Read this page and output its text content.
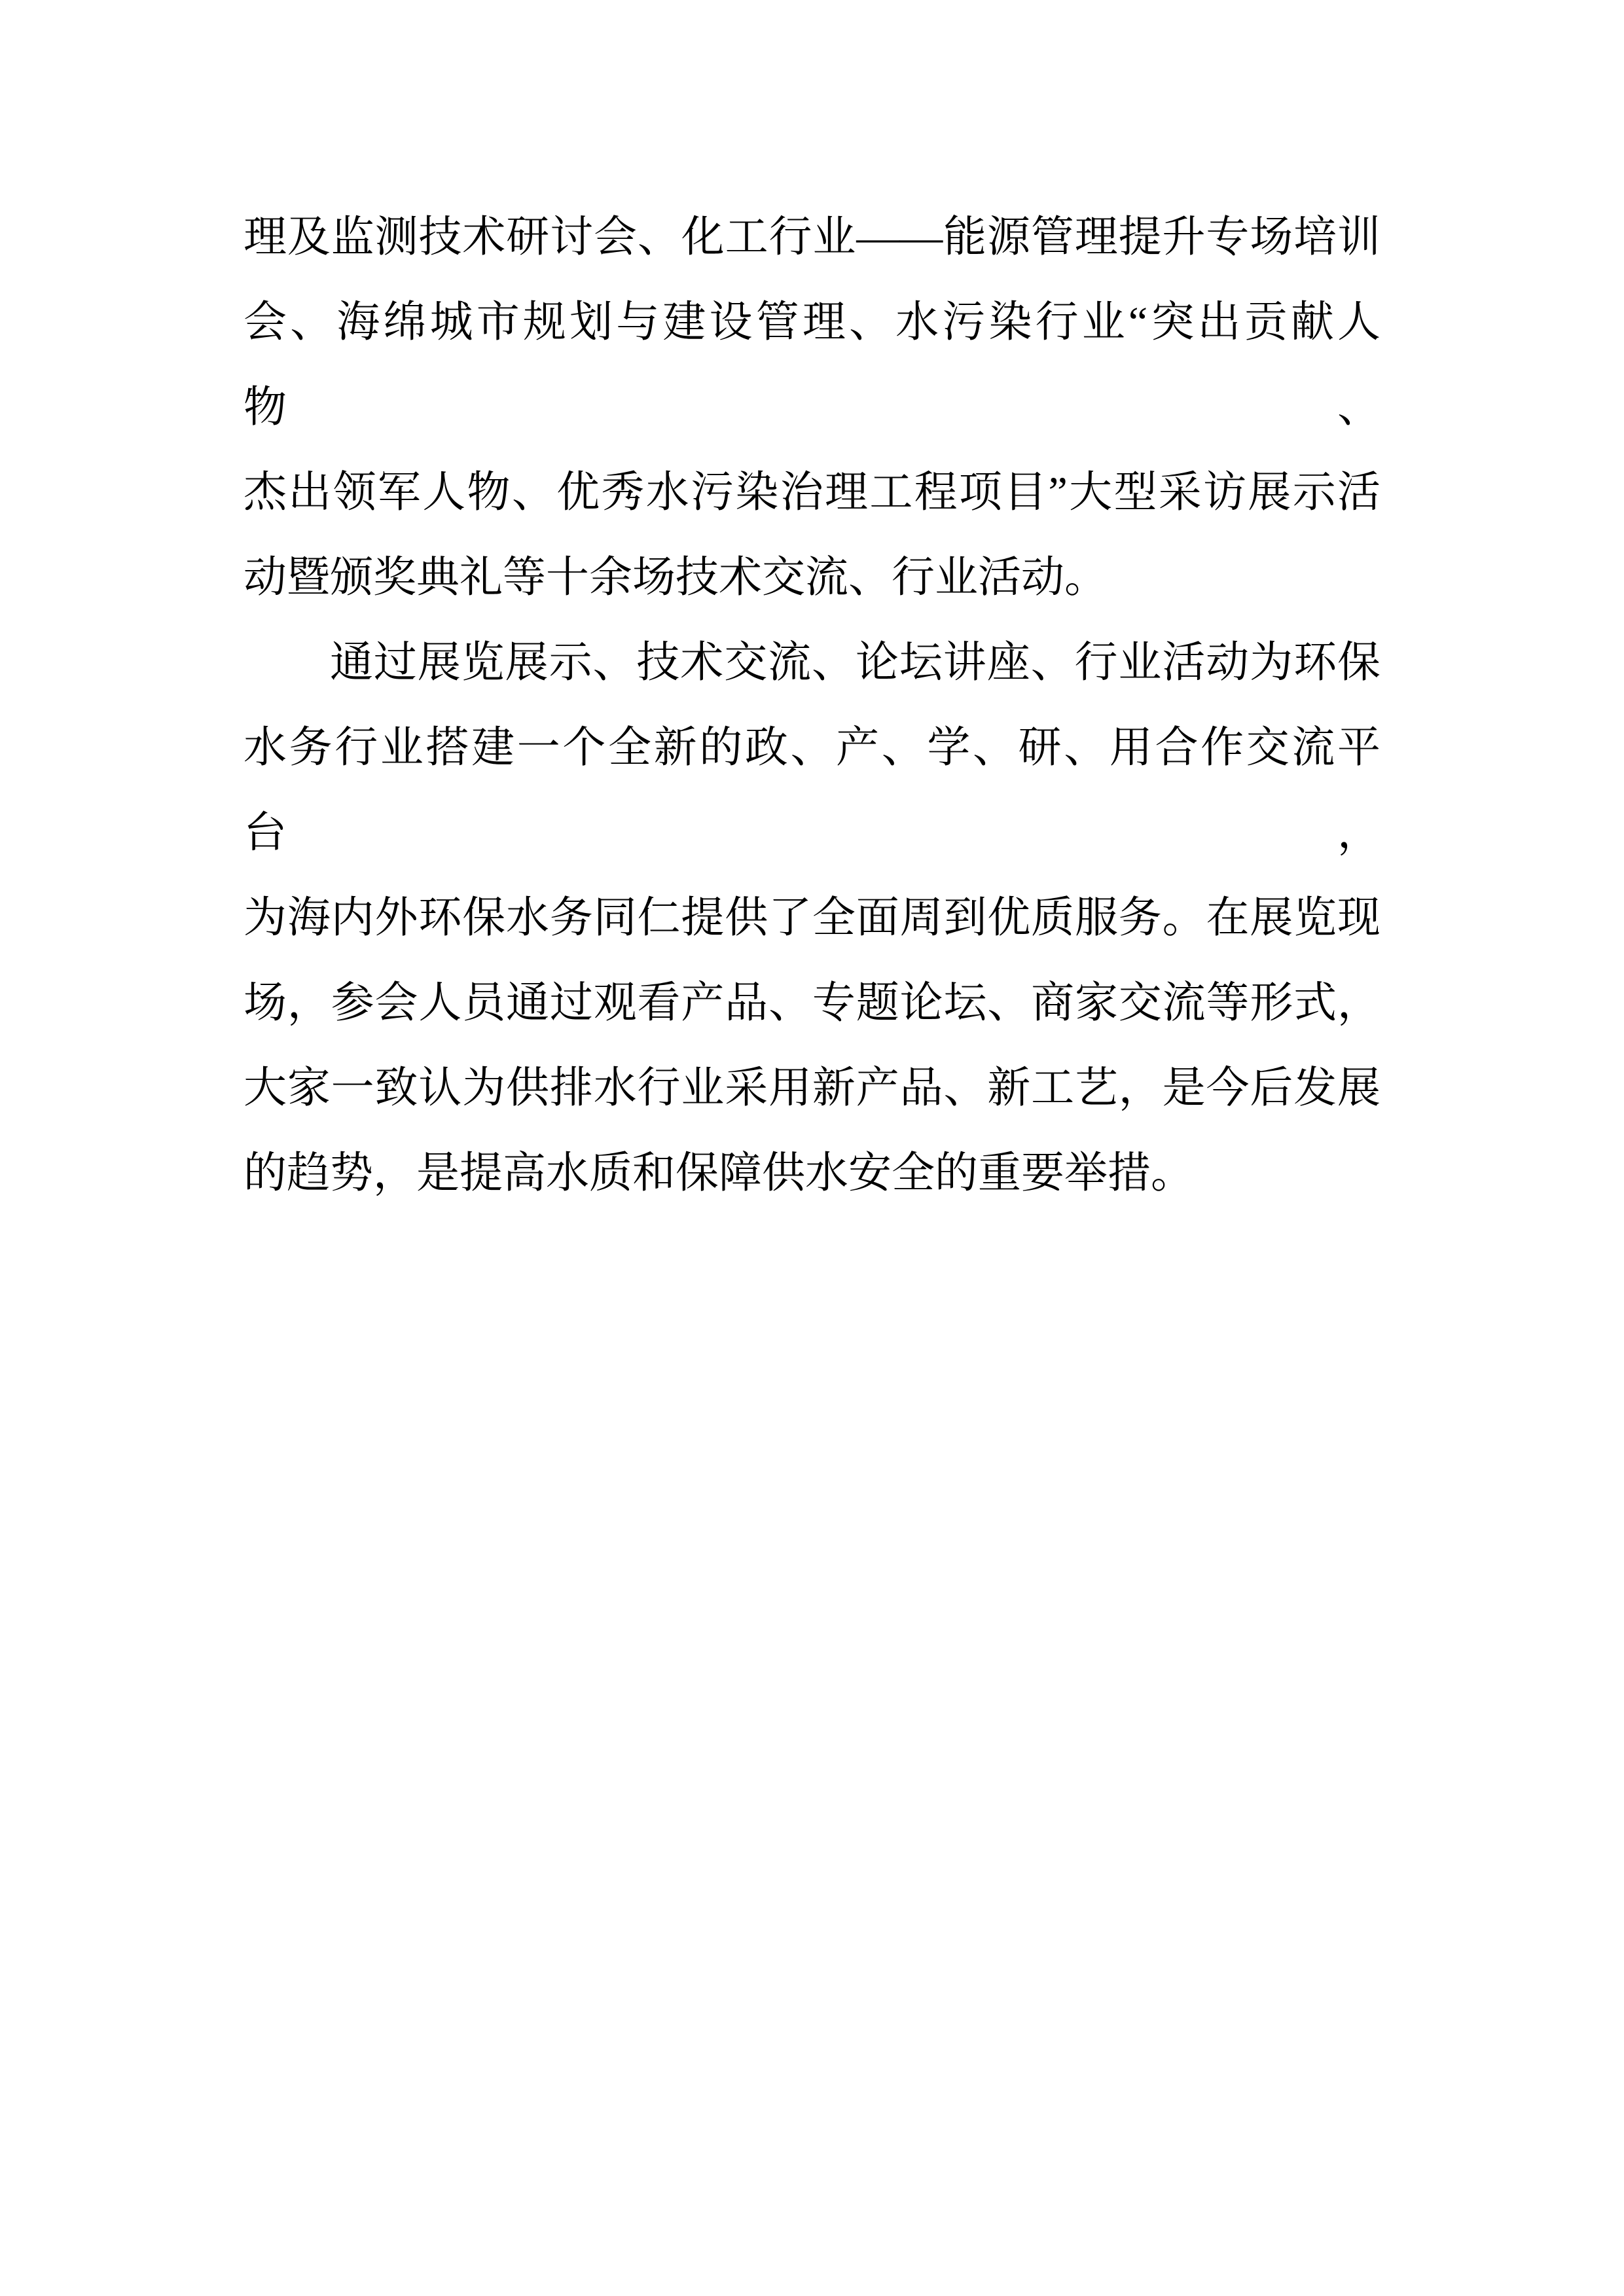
理及监测技术研讨会、化工行业——能源管理提升专场培训
会、海绵城市规划与建设管理、水污染行业“突出贡献人物、
杰出领军人物、优秀水污染治理工程项目”大型采访展示活
动暨颁奖典礼等十余场技术交流、行业活动。
通过展览展示、技术交流、论坛讲座、行业活动为环保
水务行业搭建一个全新的政、产、学、研、用合作交流平台，
为海内外环保水务同仁提供了全面周到优质服务。在展览现
场，参会人员通过观看产品、专题论坛、商家交流等形式，
大家一致认为供排水行业采用新产品、新工艺，是今后发展
的趋势，是提高水质和保障供水安全的重要举措。
